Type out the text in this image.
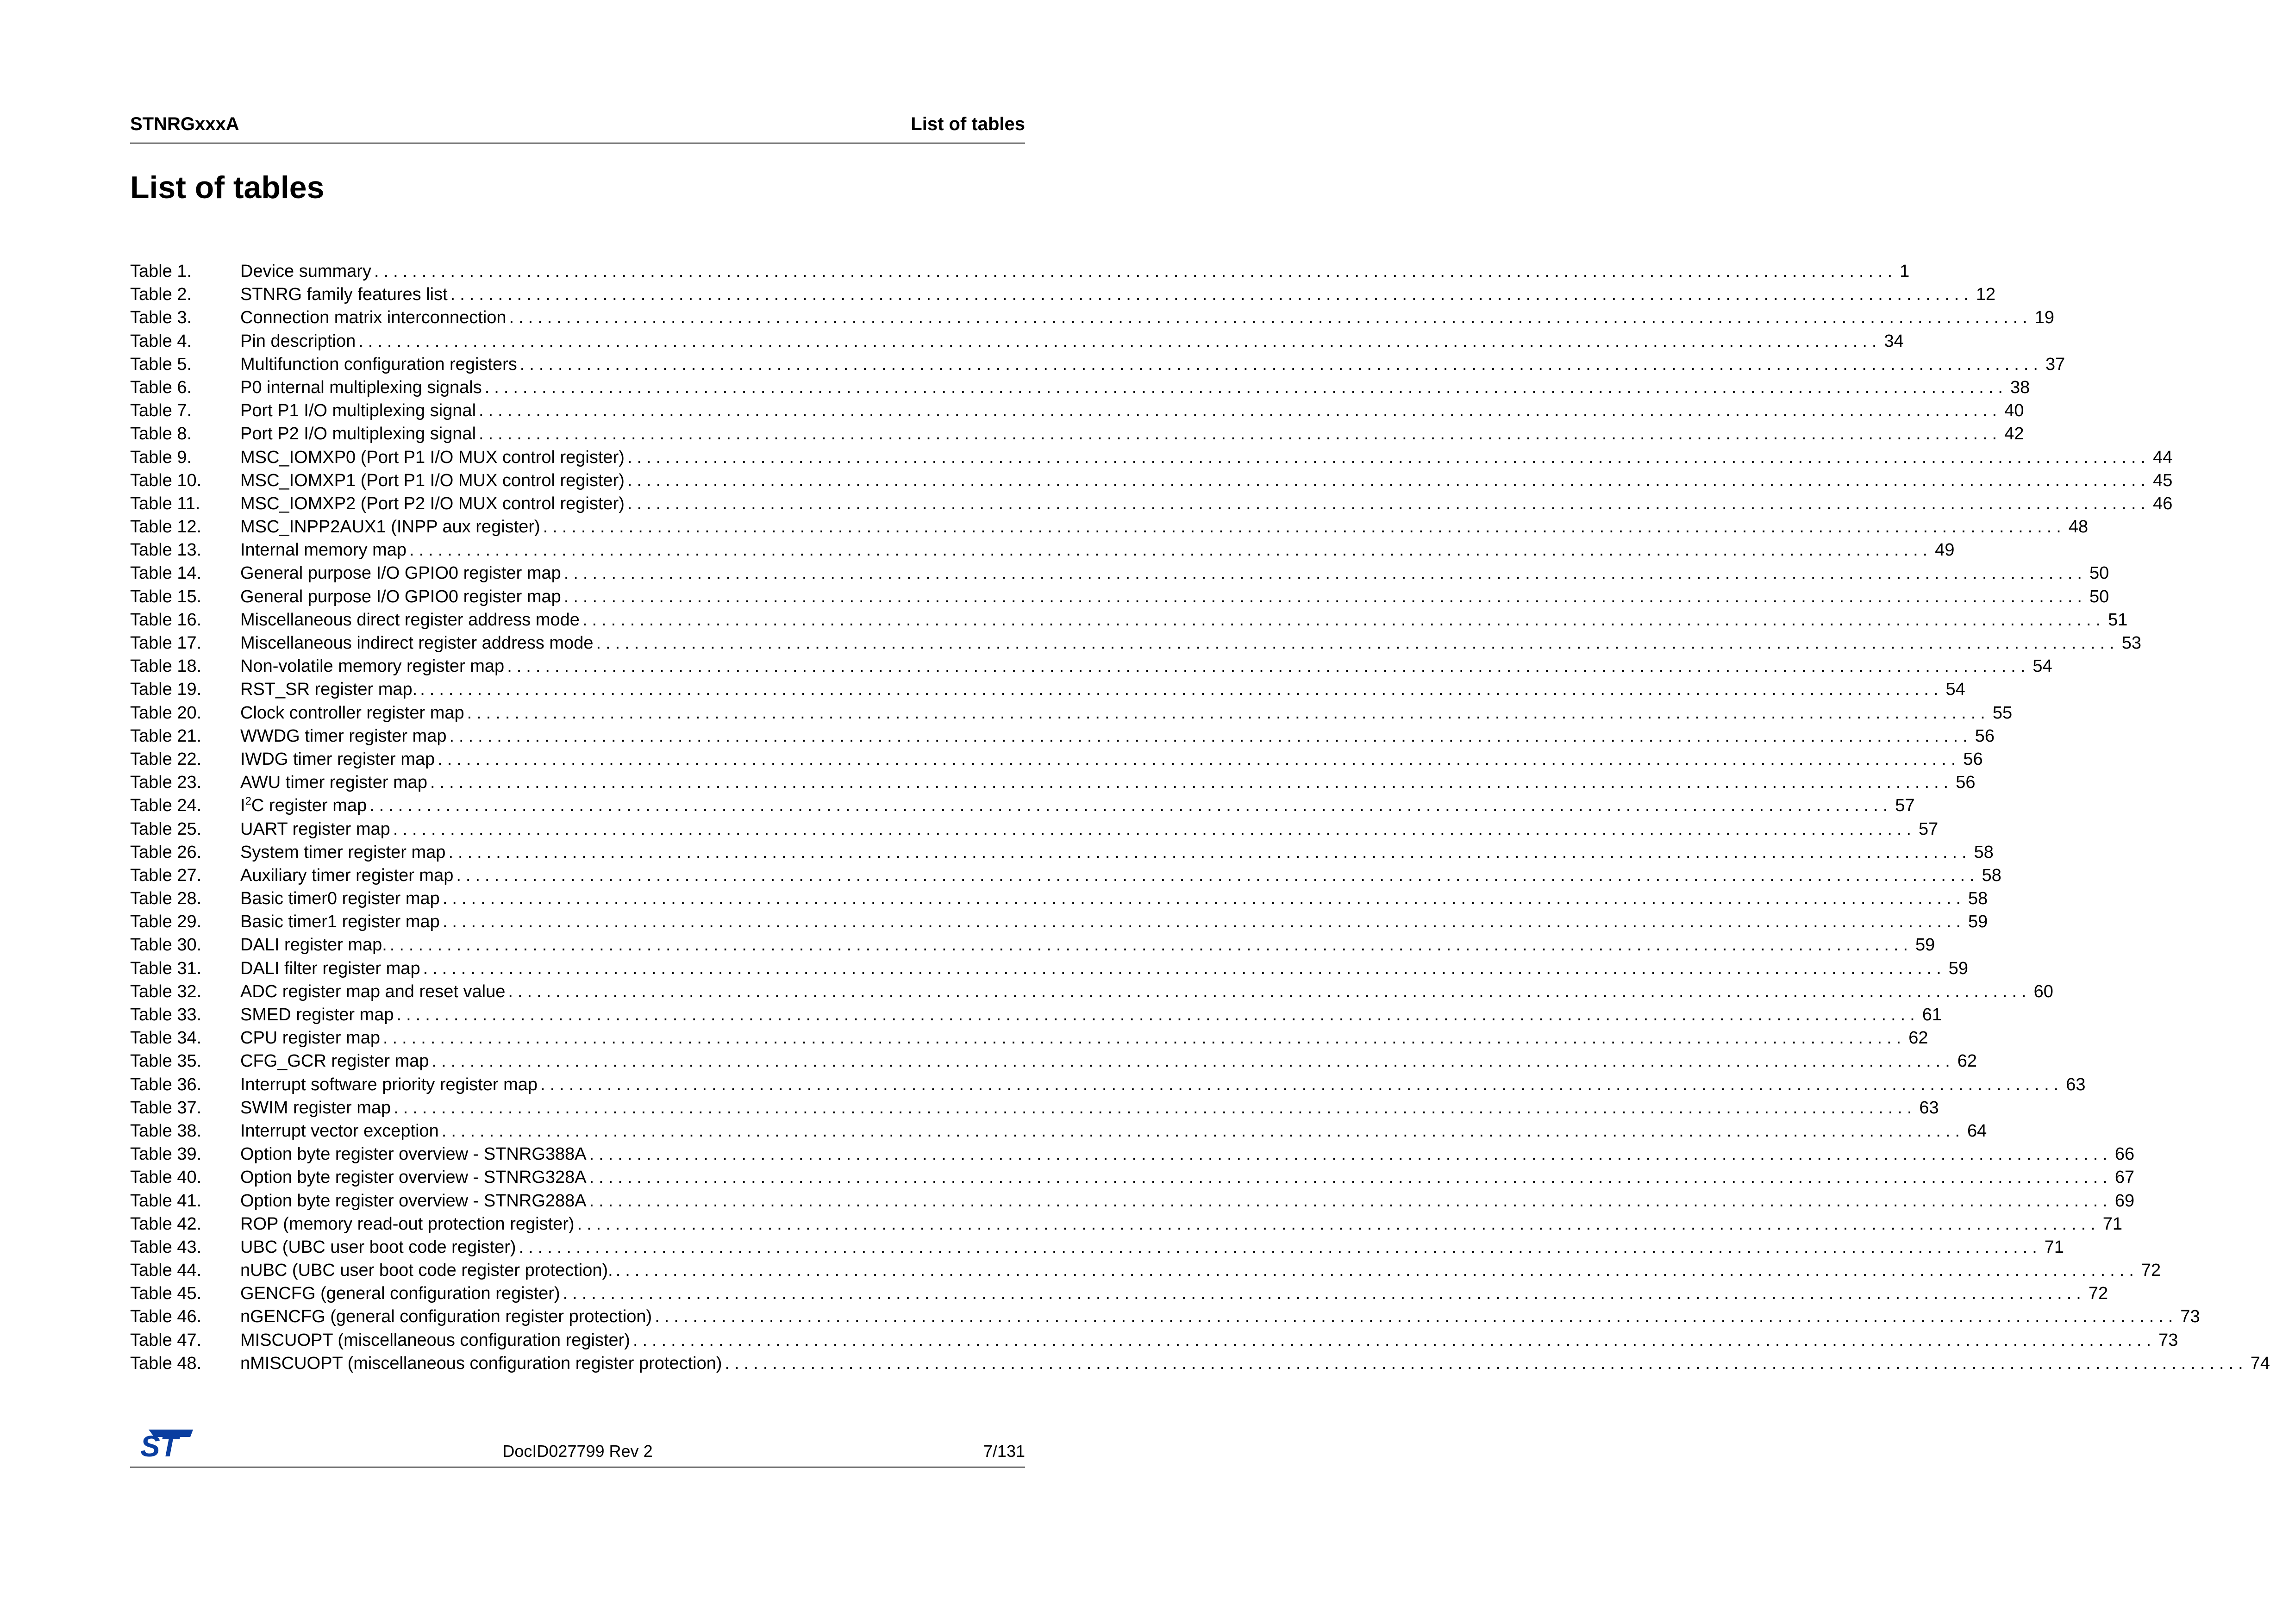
STNRGxxxA	List of tables
List of tables
Table 1.	Device summary ................................................................................................................................................................ 1
Table 2.	STNRG family features list ................................................................................................................................................................ 12
Table 3.	Connection matrix interconnection ................................................................................................................................................................ 19
Table 4.	Pin description ................................................................................................................................................................ 34
Table 5.	Multifunction configuration registers ................................................................................................................................................................ 37
Table 6.	P0 internal multiplexing signals ................................................................................................................................................................ 38
Table 7.	Port P1 I/O multiplexing signal ................................................................................................................................................................ 40
Table 8.	Port P2 I/O multiplexing signal ................................................................................................................................................................ 42
Table 9.	MSC_IOMXP0 (Port P1 I/O MUX control register) ................................................................................................................................................................ 44
Table 10.	MSC_IOMXP1 (Port P1 I/O MUX control register) ................................................................................................................................................................ 45
Table 11.	MSC_IOMXP2 (Port P2 I/O MUX control register) ................................................................................................................................................................ 46
Table 12.	MSC_INPP2AUX1 (INPP aux register) ................................................................................................................................................................ 48
Table 13.	Internal memory map ................................................................................................................................................................ 49
Table 14.	General purpose I/O GPIO0 register map ................................................................................................................................................................ 50
Table 15.	General purpose I/O GPIO0 register map ................................................................................................................................................................ 50
Table 16.	Miscellaneous direct register address mode ................................................................................................................................................................ 51
Table 17.	Miscellaneous indirect register address mode ................................................................................................................................................................ 53
Table 18.	Non-volatile memory register map ................................................................................................................................................................ 54
Table 19.	RST_SR register map. ................................................................................................................................................................ 54
Table 20.	Clock controller register map ................................................................................................................................................................ 55
Table 21.	WWDG timer register map ................................................................................................................................................................ 56
Table 22.	IWDG timer register map ................................................................................................................................................................ 56
Table 23.	AWU timer register map ................................................................................................................................................................ 56
Table 24.	$I^2C$ register map ................................................................................................................................................................ 57
Table 25.	UART register map ................................................................................................................................................................ 57
Table 26.	System timer register map ................................................................................................................................................................ 58
Table 27.	Auxiliary timer register map ................................................................................................................................................................ 58
Table 28.	Basic timer0 register map ................................................................................................................................................................ 58
Table 29.	Basic timer1 register map ................................................................................................................................................................ 59
Table 30.	DALI register map. ................................................................................................................................................................ 59
Table 31.	DALI filter register map ................................................................................................................................................................ 59
Table 32.	ADC register map and reset value ................................................................................................................................................................ 60
Table 33.	SMED register map ................................................................................................................................................................ 61
Table 34.	CPU register map ................................................................................................................................................................ 62
Table 35.	CFG_GCR register map ................................................................................................................................................................ 62
Table 36.	Interrupt software priority register map ................................................................................................................................................................ 63
Table 37.	SWIM register map ................................................................................................................................................................ 63
Table 38.	Interrupt vector exception ................................................................................................................................................................ 64
Table 39.	Option byte register overview - STNRG388A ................................................................................................................................................................ 66
Table 40.	Option byte register overview - STNRG328A ................................................................................................................................................................ 67
Table 41.	Option byte register overview - STNRG288A ................................................................................................................................................................ 69
Table 42.	ROP (memory read-out protection register) ................................................................................................................................................................ 71
Table 43.	UBC (UBC user boot code register) ................................................................................................................................................................ 71
Table 44.	nUBC (UBC user boot code register protection). ................................................................................................................................................................ 72
Table 45.	GENCFG (general configuration register) ................................................................................................................................................................ 72
Table 46.	nGENCFG (general configuration register protection) ................................................................................................................................................................ 73
Table 47.	MISCUOPT (miscellaneous configuration register) ................................................................................................................................................................ 73
Table 48.	nMISCUOPT (miscellaneous configuration register protection) ................................................................................................................................................................ 74
ST	DocID027799 Rev 2	7/131
